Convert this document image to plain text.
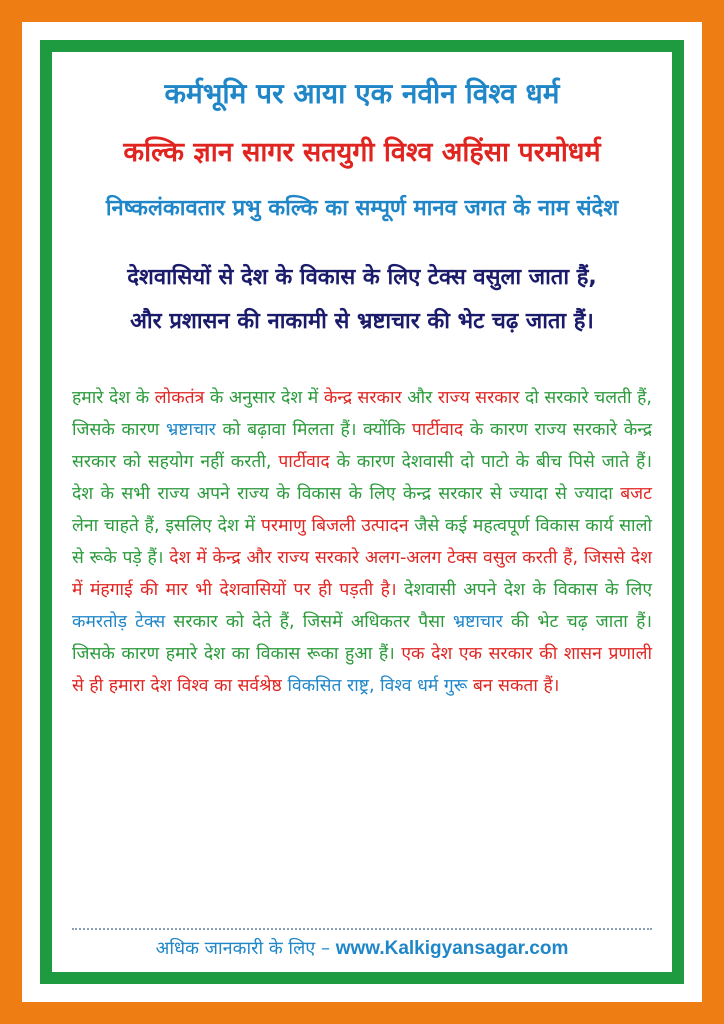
कर्मभूमि पर आया एक नवीन विश्व धर्म
कल्कि ज्ञान सागर सतयुगी विश्व अहिंसा परमोधर्म
निष्कलंकावतार प्रभु कल्कि का सम्पूर्ण मानव जगत के नाम संदेश
देशवासियों से देश के विकास के लिए टेक्स वसुला जाता हैं,
और प्रशासन की नाकामी से भ्रष्टाचार की भेट चढ़ जाता हैं।
हमारे देश के लोकतंत्र के अनुसार देश में केन्द्र सरकार और राज्य सरकार दो सरकारे चलती हैं, जिसके कारण भ्रष्टाचार को बढ़ावा मिलता हैं। क्योंकि पार्टीवाद के कारण राज्य सरकारे केन्द्र सरकार को सहयोग नहीं करती, पार्टीवाद के कारण देशवासी दो पाटो के बीच पिसे जाते हैं। देश के सभी राज्य अपने राज्य के विकास के लिए केन्द्र सरकार से ज्यादा से ज्यादा बजट लेना चाहते हैं, इसलिए देश में परमाणु बिजली उत्पादन जैसे कई महत्वपूर्ण विकास कार्य सालो से रूके पड़े हैं। देश में केन्द्र और राज्य सरकारे अलग-अलग टेक्स वसुल करती हैं, जिससे देश में मंहगाई की मार भी देशवासियों पर ही पड़ती है। देशवासी अपने देश के विकास के लिए कमरतोड़ टेक्स सरकार को देते हैं, जिसमें अधिकतर पैसा भ्रष्टाचार की भेट चढ़ जाता हैं। जिसके कारण हमारे देश का विकास रूका हुआ हैं। एक देश एक सरकार की शासन प्रणाली से ही हमारा देश विश्व का सर्वश्रेष्ठ विकसित राष्ट्र, विश्व धर्म गुरू बन सकता हैं।
अधिक जानकारी के लिए – www.Kalkigyansagar.com
